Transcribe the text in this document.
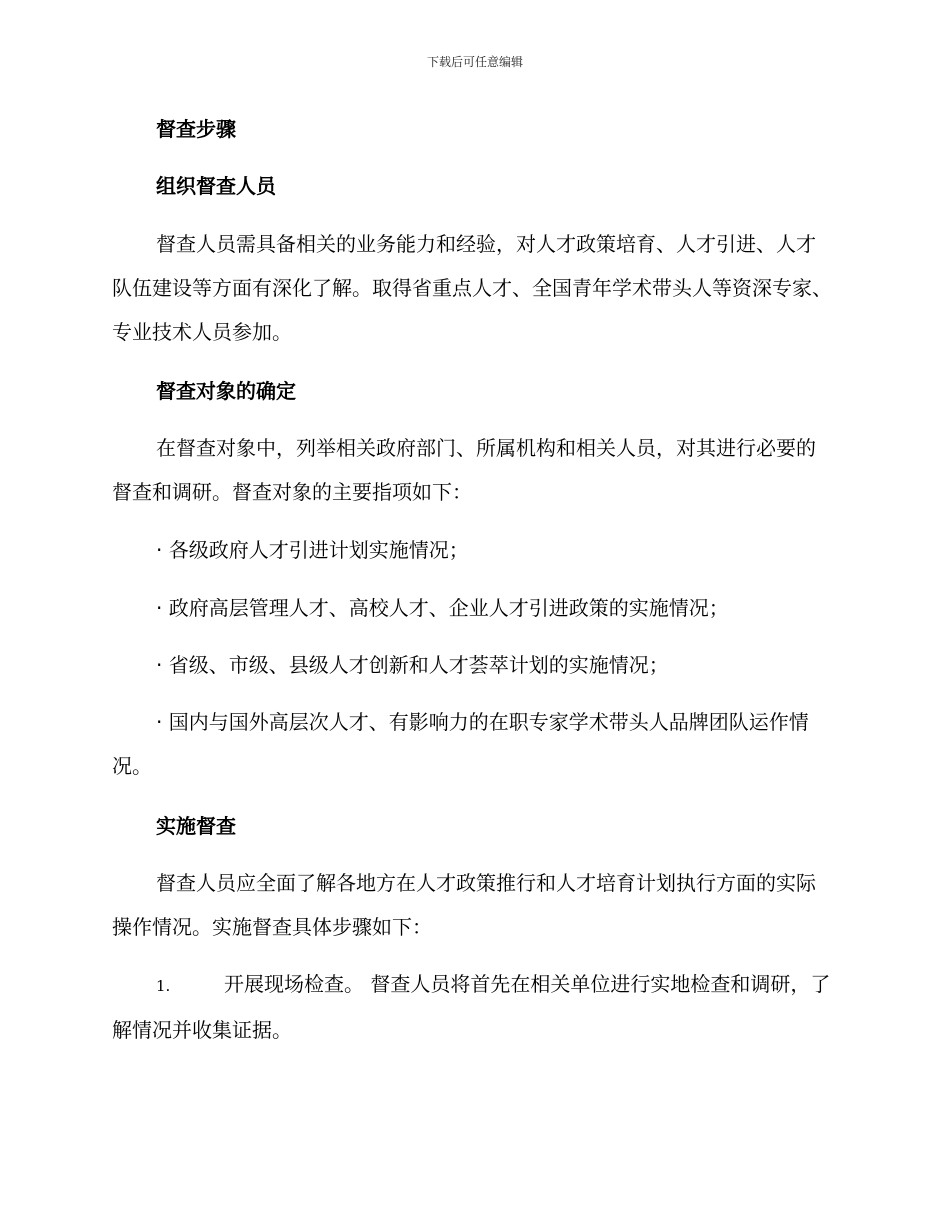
下载后可任意编辑
督查步骤
组织督查人员
督查人员需具备相关的业务能力和经验，对人才政策培育、人才引进、人才队伍建设等方面有深化了解。取得省重点人才、全国青年学术带头人等资深专家、专业技术人员参加。
督查对象的确定
在督查对象中，列举相关政府部门、所属机构和相关人员，对其进行必要的督查和调研。督查对象的主要指项如下：
· 各级政府人才引进计划实施情况；
· 政府高层管理人才、高校人才、企业人才引进政策的实施情况；
· 省级、市级、县级人才创新和人才荟萃计划的实施情况；
· 国内与国外高层次人才、有影响力的在职专家学术带头人品牌团队运作情况。
实施督查
督查人员应全面了解各地方在人才政策推行和人才培育计划执行方面的实际操作情况。实施督查具体步骤如下：
1.	开展现场检查。 督查人员将首先在相关单位进行实地检查和调研，了解情况并收集证据。
